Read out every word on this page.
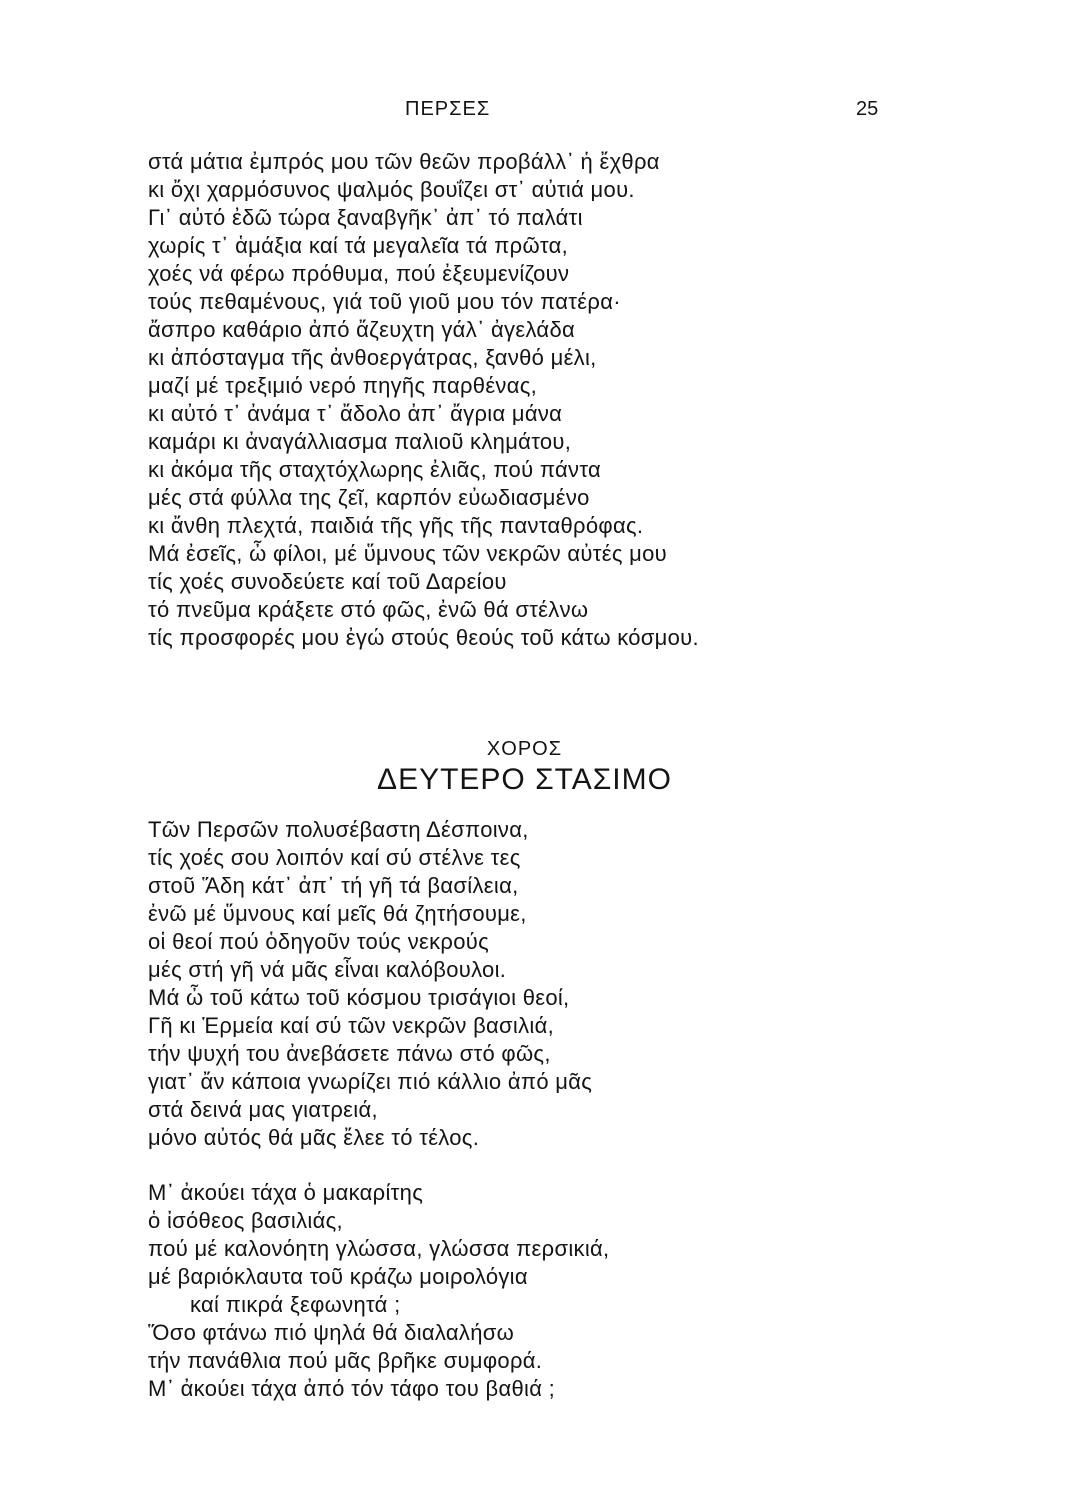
ΠΕΡΣΕΣ	25
στά μάτια ἐμπρός μου τῶν θεῶν προβάλλ᾽ ἡ ἔχθρα
κι ὄχι χαρμόσυνος ψαλμός βουΐζει στ᾽ αὐτιά μου.
Γι᾽ αὐτό ἐδῶ τώρα ξαναβγῆκ᾽ ἀπ᾽ τό παλάτι
χωρίς τ᾽ ἁμάξια καί τά μεγαλεῖα τά πρῶτα,
χοές νά φέρω πρόθυμα, πού ἐξευμενίζουν
τούς πεθαμένους, γιά τοῦ γιοῦ μου τόν πατέρα·
ἄσπρο καθάριο ἀπό ἄζευχτη γάλ᾽ ἀγελάδα
κι ἀπόσταγμα τῆς ἀνθοεργάτρας, ξανθό μέλι,
μαζί μέ τρεξιμιό νερό πηγῆς παρθένας,
κι αὐτό τ᾽ ἀνάμα τ᾽ ἄδολο ἀπ᾽ ἄγρια μάνα
καμάρι κι ἀναγάλλιασμα παλιοῦ κλημάτου,
κι ἀκόμα τῆς σταχτόχλωρης ἐλιᾶς, πού πάντα
μές στά φύλλα της ζεῖ, καρπόν εὐωδιασμένο
κι ἄνθη πλεχτά, παιδιά τῆς γῆς τῆς πανταθρόφας.
Μά ἐσεῖς, ὦ φίλοι, μέ ὕμνους τῶν νεκρῶν αὐτές μου
τίς χοές συνοδεύετε καί τοῦ Δαρείου
τό πνεῦμα κράξετε στό φῶς, ἐνῶ θά στέλνω
τίς προσφορές μου ἐγώ στούς θεούς τοῦ κάτω κόσμου.
ΧΟΡΟΣ
ΔΕΥΤΕΡΟ ΣΤΑΣΙΜΟ
Τῶν Περσῶν πολυσέβαστη Δέσποινα,
τίς χοές σου λοιπόν καί σύ στέλνε τες
στοῦ Ἅδη κάτ᾽ ἀπ᾽ τή γῆ τά βασίλεια,
ἐνῶ μέ ὕμνους καί μεῖς θά ζητήσουμε,
οἱ θεοί πού ὁδηγοῦν τούς νεκρούς
μές στή γῆ νά μᾶς εἶναι καλόβουλοι.
Μά ὦ τοῦ κάτω τοῦ κόσμου τρισάγιοι θεοί,
Γῆ κι Ἑρμεία καί σύ τῶν νεκρῶν βασιλιά,
τήν ψυχή του ἀνεβάσετε πάνω στό φῶς,
γιατ᾽ ἄν κάποια γνωρίζει πιό κάλλιο ἀπό μᾶς
στά δεινά μας γιατρειά,
μόνο αὐτός θά μᾶς ἔλεε τό τέλος.
Μ᾽ ἀκούει τάχα ὁ μακαρίτης
ὁ ἰσόθεος βασιλιάς,
πού μέ καλονόητη γλώσσα, γλώσσα περσικιά,
μέ βαριόκλαυτα τοῦ κράζω μοιρολόγια
καί πικρά ξεφωνητά ;
Ὅσο φτάνω πιό ψηλά θά διαλαλήσω
τήν πανάθλια πού μᾶς βρῆκε συμφορά.
Μ᾽ ἀκούει τάχα ἀπό τόν τάφο του βαθιά ;
